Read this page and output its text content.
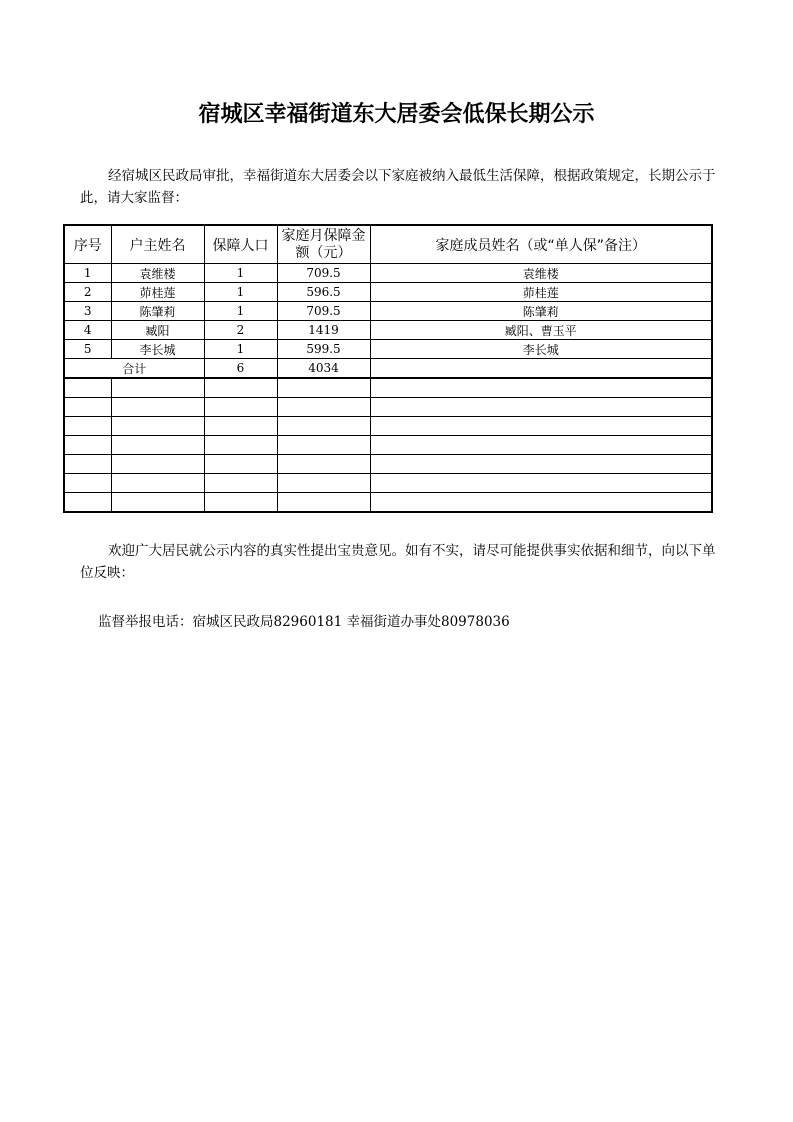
宿城区幸福街道东大居委会低保长期公示
经宿城区民政局审批，幸福街道东大居委会以下家庭被纳入最低生活保障，根据政策规定，长期公示于此，请大家监督：
序号	户主姓名	保障人口	家庭月保障金额（元）	家庭成员姓名（或“单人保”备注）
1	袁维楼	1	709.5	袁维楼
2	茆桂莲	1	596.5	茆桂莲
3	陈肇莉	1	709.5	陈肇莉
4	臧阳	2	1419	臧阳、曹玉平
5	李长城	1	599.5	李长城
合计		6	4034	

欢迎广大居民就公示内容的真实性提出宝贵意见。如有不实，请尽可能提供事实依据和细节，向以下单位反映：
监督举报电话：宿城区民政局82960181 幸福街道办事处80978036
